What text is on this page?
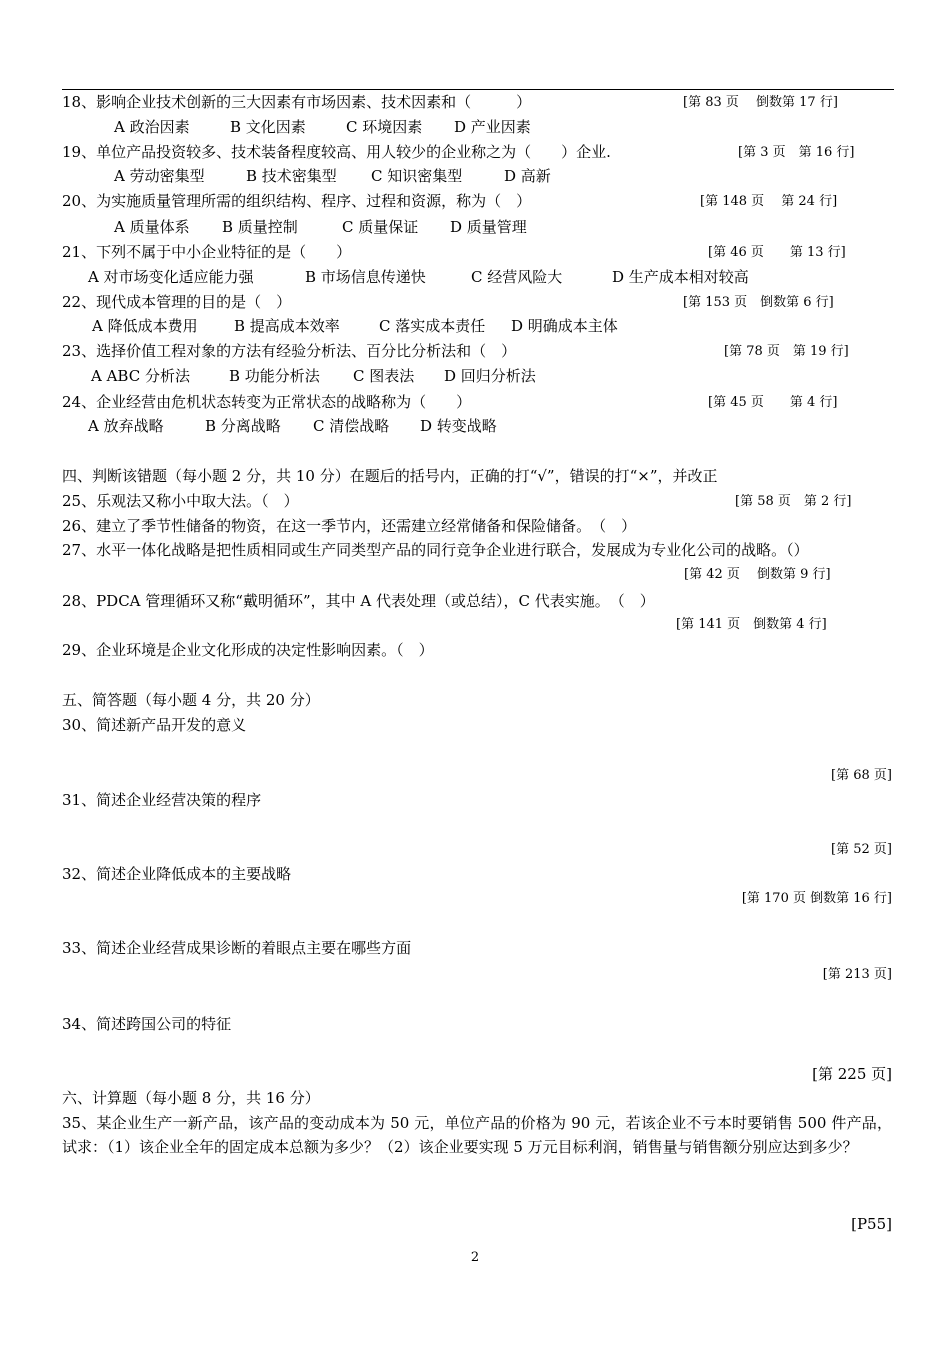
18、影响企业技术创新的三大因素有市场因素、技术因素和（　　　）	[第 83 页　 倒数第 17 行]
A 政治因素	B 文化因素	C 环境因素 D 产业因素
19、单位产品投资较多、技术装备程度较高、用人较少的企业称之为（　　）企业.	[第 3 页　第 16 行]
A 劳动密集型	B 技术密集型 C 知识密集型	D 高新
20、为实施质量管理所需的组织结构、程序、过程和资源，称为（　）	[第 148 页　 第 24 行]
A 质量体系 B 质量控制	C 质量保证 D 质量管理
21、下列不属于中小企业特征的是（　　）	[第 46 页　　第 13 行]
A 对市场变化适应能力强	B 市场信息传递快	C 经营风险大	D 生产成本相对较高
22、现代成本管理的目的是（　）	[第 153 页　倒数第 6 行]
A 降低成本费用 B 提高成本效率	C 落实成本责任 D 明确成本主体
23、选择价值工程对象的方法有经验分析法、百分比分析法和（　）	[第 78 页　第 19 行]
A ABC 分析法	B 功能分析法 C 图表法 D 回归分析法
24、企业经营由危机状态转变为正常状态的战略称为（　　）	[第 45 页　　第 4 行]
A 放弃战略	B 分离战略 C 清偿战略 D 转变战略
四、判断该错题（每小题 2 分，共 10 分）在题后的括号内，正确的打“√”，错误的打“×”，并改正
25、乐观法又称小中取大法。（　）	[第 58 页　第 2 行]
26、建立了季节性储备的物资，在这一季节内，还需建立经常储备和保险储备。　（　）
27、水平一体化战略是把性质相同或生产同类型产品的同行竞争企业进行联合，发展成为专业化公司的战略。（）
[第 42 页　 倒数第 9 行]
28、PDCA 管理循环又称“戴明循环”，其中 A 代表处理（或总结），C 代表实施。　（　）
[第 141 页　倒数第 4 行]
29、企业环境是企业文化形成的决定性影响因素。（　）
五、简答题（每小题 4 分，共 20 分）
30、简述新产品开发的意义
[第 68 页]
31、简述企业经营决策的程序
[第 52 页]
32、简述企业降低成本的主要战略
[第 170 页 倒数第 16 行]
33、简述企业经营成果诊断的着眼点主要在哪些方面
[第 213 页]
34、简述跨国公司的特征
[第 225 页]
六、计算题（每小题 8 分，共 16 分）
35、某企业生产一新产品，该产品的变动成本为 50 元，单位产品的价格为 90 元，若该企业不亏本时要销售 500 件产品，试求：（1）该企业全年的固定成本总额为多少？（2）该企业要实现 5 万元目标利润，销售量与销售额分别应达到多少？
[P55]
2
